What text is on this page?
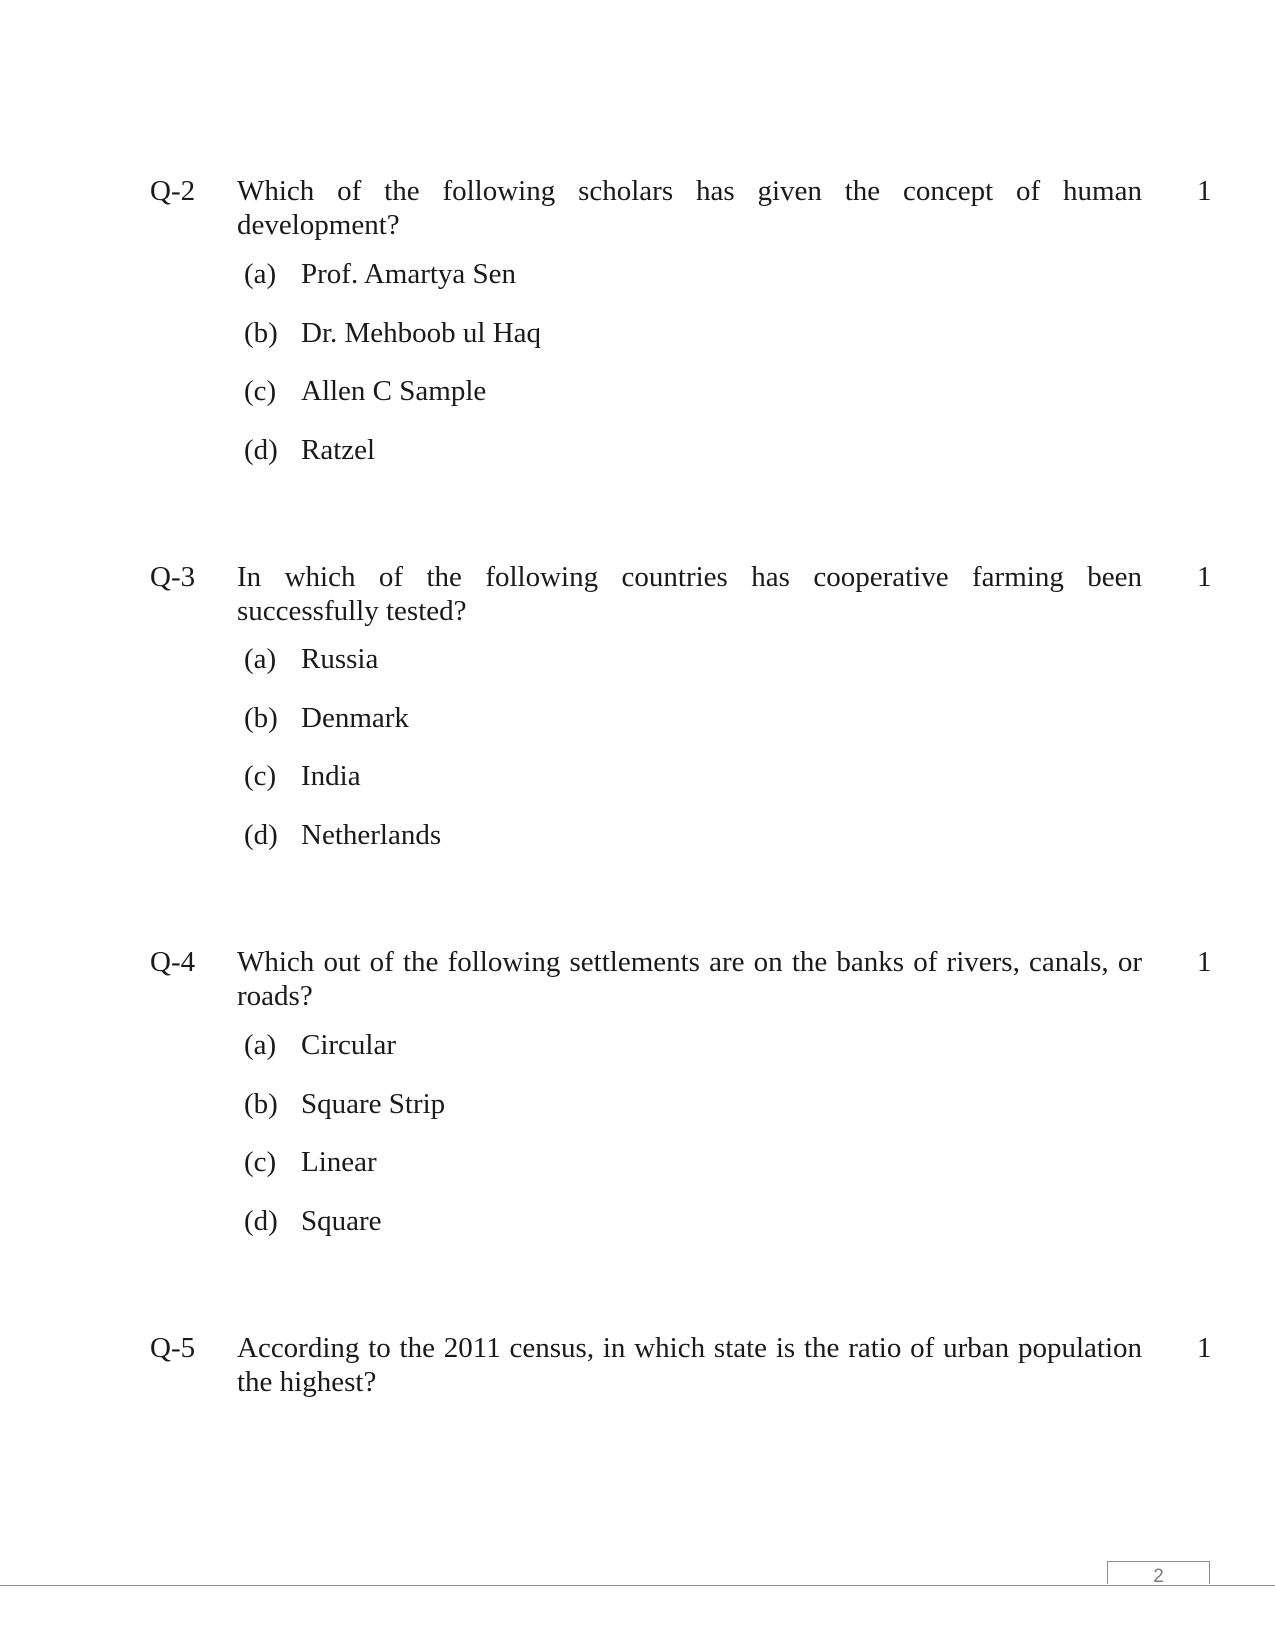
Q-2 Which of the following scholars has given the concept of human development?
1
(a) Prof. Amartya Sen
(b) Dr. Mehboob ul Haq
(c) Allen C Sample
(d) Ratzel
Q-3 In which of the following countries has cooperative farming been successfully tested?
1
(a) Russia
(b) Denmark
(c) India
(d) Netherlands
Q-4 Which out of the following settlements are on the banks of rivers, canals, or roads?
1
(a) Circular
(b) Square Strip
(c) Linear
(d) Square
Q-5 According to the 2011 census, in which state is the ratio of urban population the highest?
1
2
